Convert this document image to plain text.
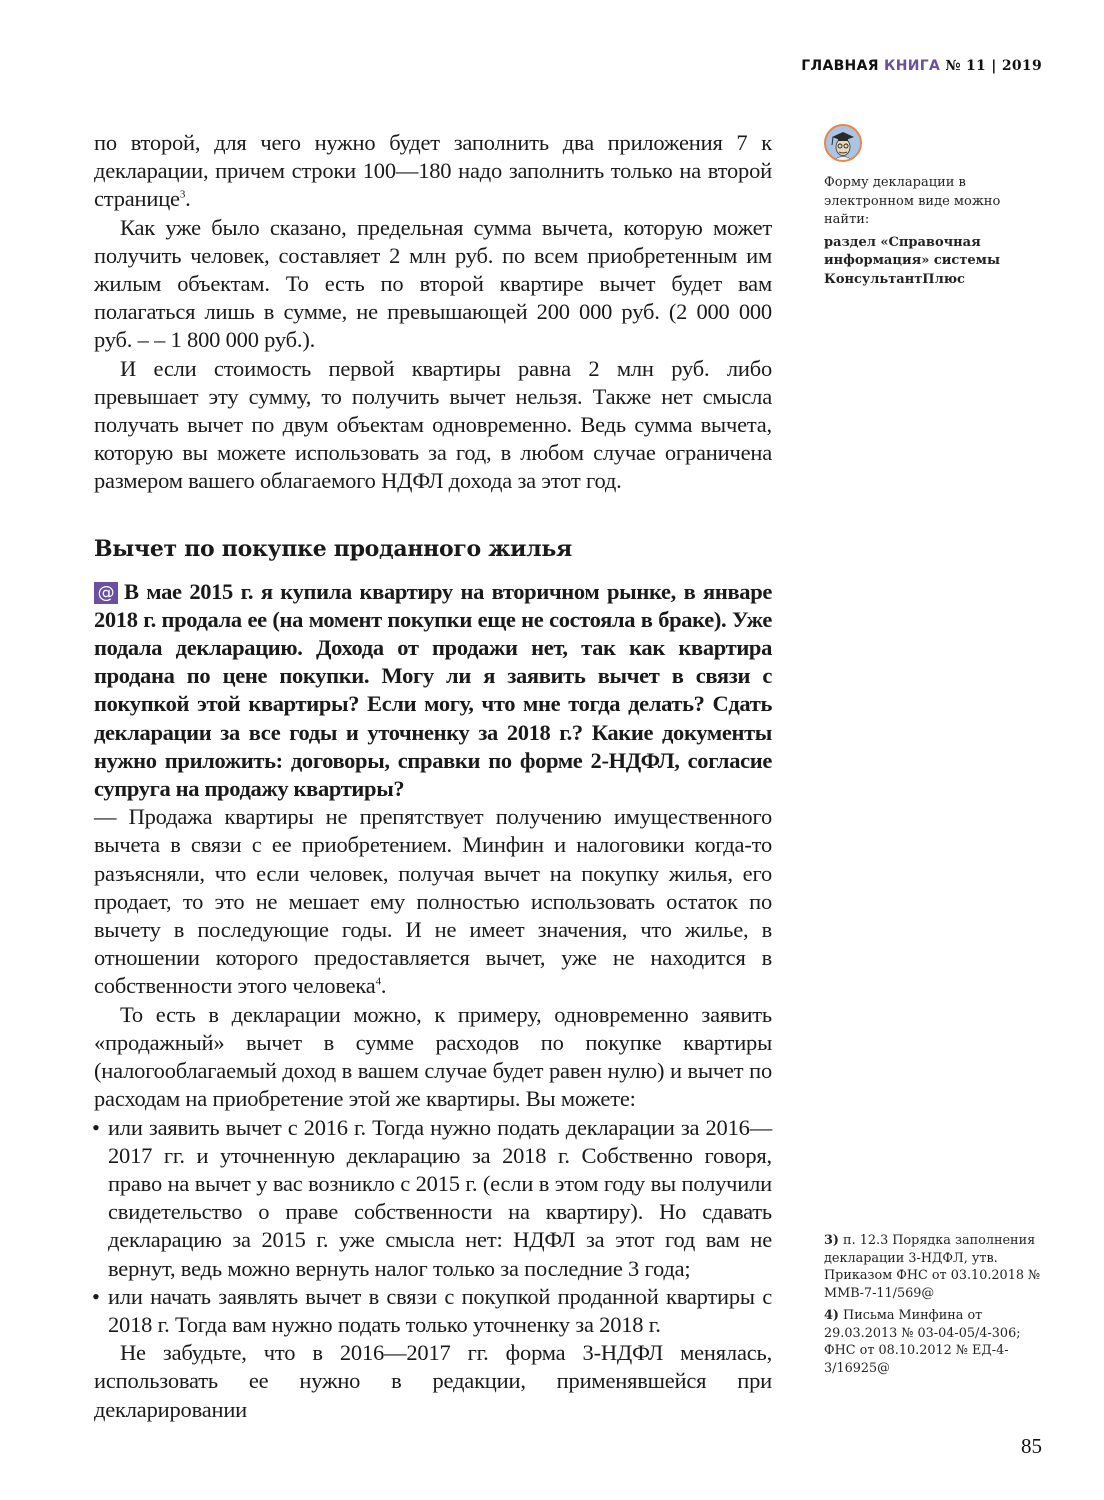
ГЛАВНАЯ КНИГА № 11 | 2019

по второй, для чего нужно будет заполнить два приложения 7 к декларации, причем строки 100—180 надо заполнить только на второй странице$^3$.

Как уже было сказано, предельная сумма вычета, которую может получить человек, составляет 2 млн руб. по всем приобретенным им жилым объектам. То есть по второй квартире вычет будет вам полагаться лишь в сумме, не превышающей 200 000 руб. (2 000 000 руб. – – 1 800 000 руб.).

И если стоимость первой квартиры равна 2 млн руб. либо превышает эту сумму, то получить вычет нельзя. Также нет смысла получать вычет по двум объектам одновременно. Ведь сумма вычета, которую вы можете использовать за год, в любом случае ограничена размером вашего облагаемого НДФЛ дохода за этот год.

Вычет по покупке проданного жилья

@ В мае 2015 г. я купила квартиру на вторичном рынке, в январе 2018 г. продала ее (на момент покупки еще не состояла в браке). Уже подала декларацию. Дохода от продажи нет, так как квартира продана по цене покупки. Могу ли я заявить вычет в связи с покупкой этой квартиры? Если могу, что мне тогда делать? Сдать декларации за все годы и уточненку за 2018 г.? Какие документы нужно приложить: договоры, справки по форме 2-НДФЛ, согласие супруга на продажу квартиры?

— Продажа квартиры не препятствует получению имущественного вычета в связи с ее приобретением. Минфин и налоговики когда-то разъясняли, что если человек, получая вычет на покупку жилья, его продает, то это не мешает ему полностью использовать остаток по вычету в последующие годы. И не имеет значения, что жилье, в отношении которого предоставляется вычет, уже не находится в собственности этого человека$^4$.

То есть в декларации можно, к примеру, одновременно заявить «продажный» вычет в сумме расходов по покупке квартиры (налогооблагаемый доход в вашем случае будет равен нулю) и вычет по расходам на приобретение этой же квартиры. Вы можете:

• или заявить вычет с 2016 г. Тогда нужно подать декларации за 2016—2017 гг. и уточненную декларацию за 2018 г. Собственно говоря, право на вычет у вас возникло с 2015 г. (если в этом году вы получили свидетельство о праве собственности на квартиру). Но сдавать декларацию за 2015 г. уже смысла нет: НДФЛ за этот год вам не вернут, ведь можно вернуть налог только за последние 3 года;
• или начать заявлять вычет в связи с покупкой проданной квартиры с 2018 г. Тогда вам нужно подать только уточненку за 2018 г.

Не забудьте, что в 2016—2017 гг. форма 3-НДФЛ менялась, использовать ее нужно в редакции, применявшейся при декларировании

Форму декларации в электронном виде можно найти:
раздел «Справочная информация» системы КонсультантПлюс
3) п. 12.3 Порядка заполнения декларации 3-НДФЛ, утв. Приказом ФНС от 03.10.2018 № ММВ-7-11/569@
4) Письма Минфина от 29.03.2013 № 03-04-05/4-306; ФНС от 08.10.2012 № ЕД-4-3/16925@
85
